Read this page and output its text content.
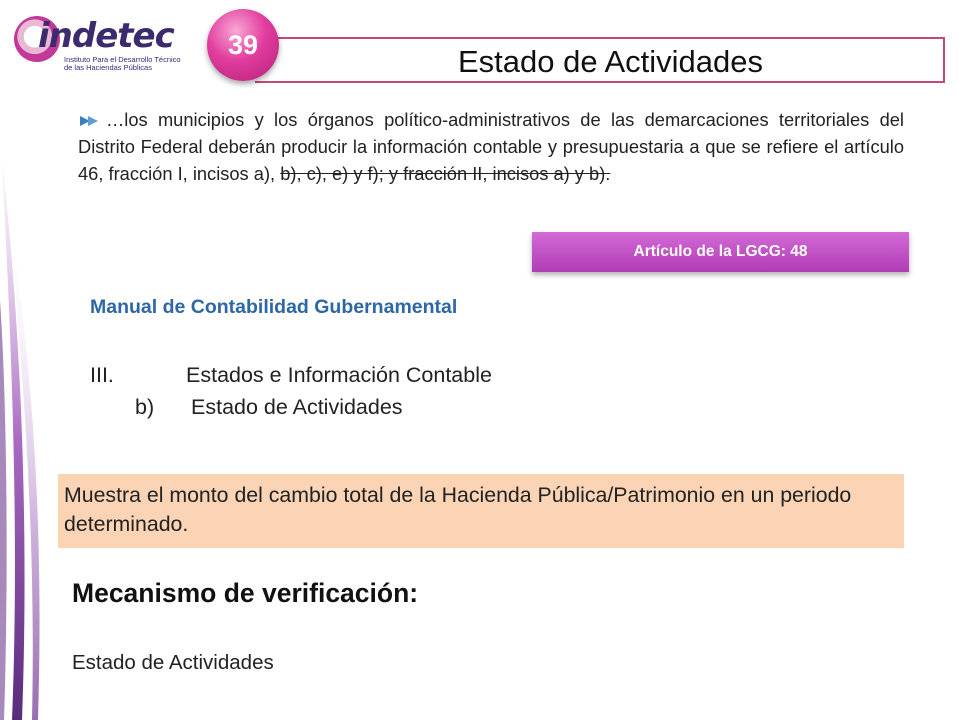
indetec
Instituto Para el Desarrollo Técnico
de las Haciendas Públicas	Estado de Actividades
39
…los municipios y los órganos político-administrativos de las demarcaciones territoriales del Distrito Federal deberán producir la información contable y presupuestaria a que se refiere el artículo 46, fracción I, incisos a), b), c), e) y f); y fracción II, incisos a) y b).
Artículo de la LGCG: 48
Manual de Contabilidad Gubernamental
III.	Estados e Información Contable
b) Estado de Actividades
Muestra el monto del cambio total de la Hacienda Pública/Patrimonio en un periodo determinado.
Mecanismo de verificación:
Estado de Actividades
